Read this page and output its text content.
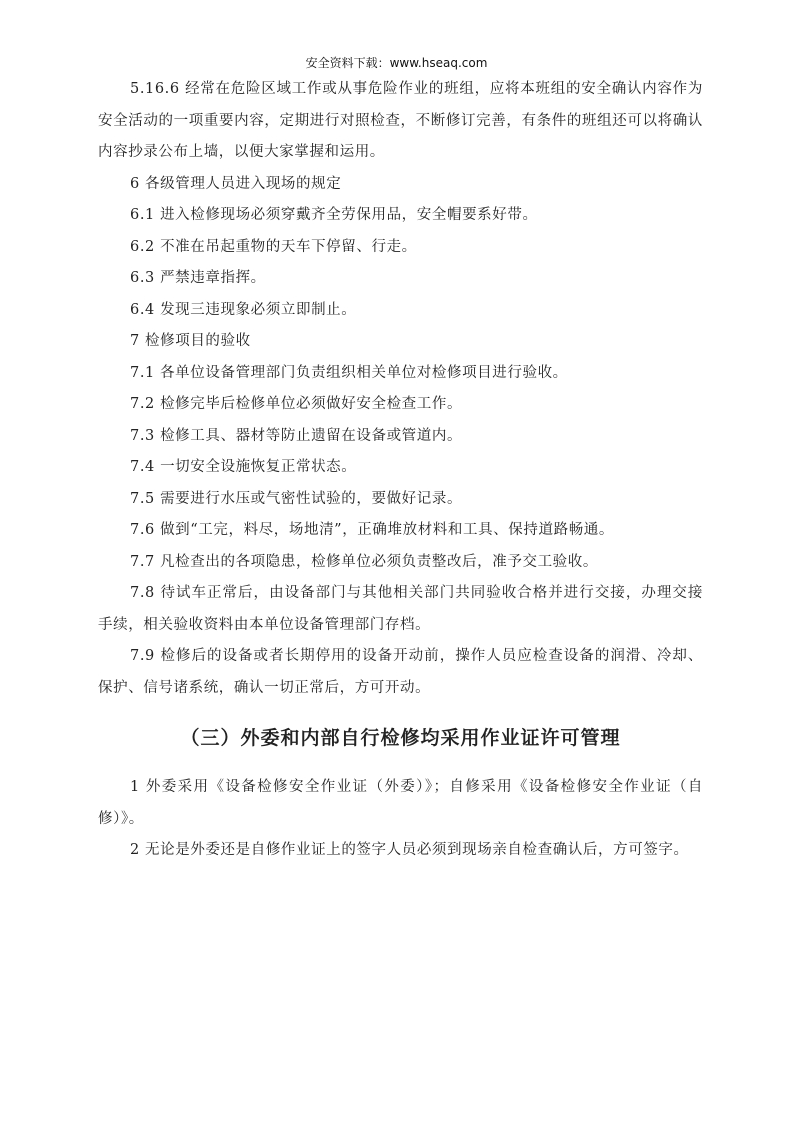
安全资料下载：www.hseaq.com

5.16.6 经常在危险区域工作或从事危险作业的班组，应将本班组的安全确认内容作为安全活动的一项重要内容，定期进行对照检查，不断修订完善，有条件的班组还可以将确认内容抄录公布上墙，以便大家掌握和运用。

6 各级管理人员进入现场的规定

6.1 进入检修现场必须穿戴齐全劳保用品，安全帽要系好带。

6.2 不准在吊起重物的天车下停留、行走。

6.3 严禁违章指挥。

6.4 发现三违现象必须立即制止。

7 检修项目的验收

7.1 各单位设备管理部门负责组织相关单位对检修项目进行验收。

7.2 检修完毕后检修单位必须做好安全检查工作。

7.3 检修工具、器材等防止遗留在设备或管道内。

7.4 一切安全设施恢复正常状态。

7.5 需要进行水压或气密性试验的，要做好记录。

7.6 做到“工完，料尽，场地清”，正确堆放材料和工具、保持道路畅通。

7.7 凡检查出的各项隐患，检修单位必须负责整改后，准予交工验收。

7.8 待试车正常后，由设备部门与其他相关部门共同验收合格并进行交接，办理交接手续，相关验收资料由本单位设备管理部门存档。

7.9 检修后的设备或者长期停用的设备开动前，操作人员应检查设备的润滑、冷却、保护、信号诸系统，确认一切正常后，方可开动。

（三）外委和内部自行检修均采用作业证许可管理

1 外委采用《设备检修安全作业证（外委）》；自修采用《设备检修安全作业证（自修）》。

2 无论是外委还是自修作业证上的签字人员必须到现场亲自检查确认后，方可签字。
